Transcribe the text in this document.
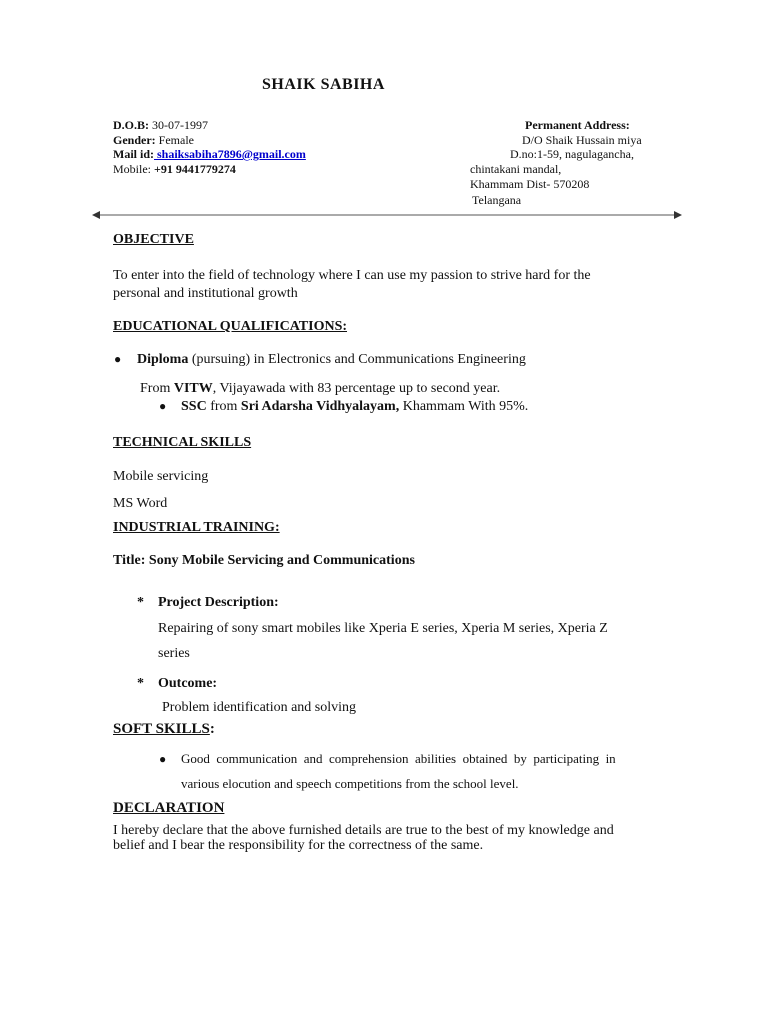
SHAIK SABIHA
D.O.B: 30-07-1997
Gender: Female
Mail id: shaiksabiha7896@gmail.com
Mobile: +91 9441779274
Permanent Address:
D/O Shaik Hussain miya
D.no:1-59, nagulagancha,
chintakani mandal,
Khammam Dist- 570208
Telangana
OBJECTIVE
To enter into the field of technology where I can use my passion to strive hard for the
personal and institutional growth
EDUCATIONAL QUALIFICATIONS:
● Diploma (pursuing) in Electronics and Communications Engineering
From VITW, Vijayawada with 83 percentage up to second year.
● SSC from Sri Adarsha Vidhyalayam, Khammam With 95%.
TECHNICAL SKILLS
Mobile servicing
MS Word
INDUSTRIAL TRAINING:
Title: Sony Mobile Servicing and Communications
* Project Description:
Repairing of sony smart mobiles like Xperia E series, Xperia M series, Xperia Z
series
* Outcome:
Problem identification and solving
SOFT SKILLS:
● Good  communication  and  comprehension  abilities  obtained  by  participating  in
various elocution and speech competitions from the school level.
DECLARATION
I hereby declare that the above furnished details are true to the best of my knowledge and
belief and I bear the responsibility for the correctness of the same.
